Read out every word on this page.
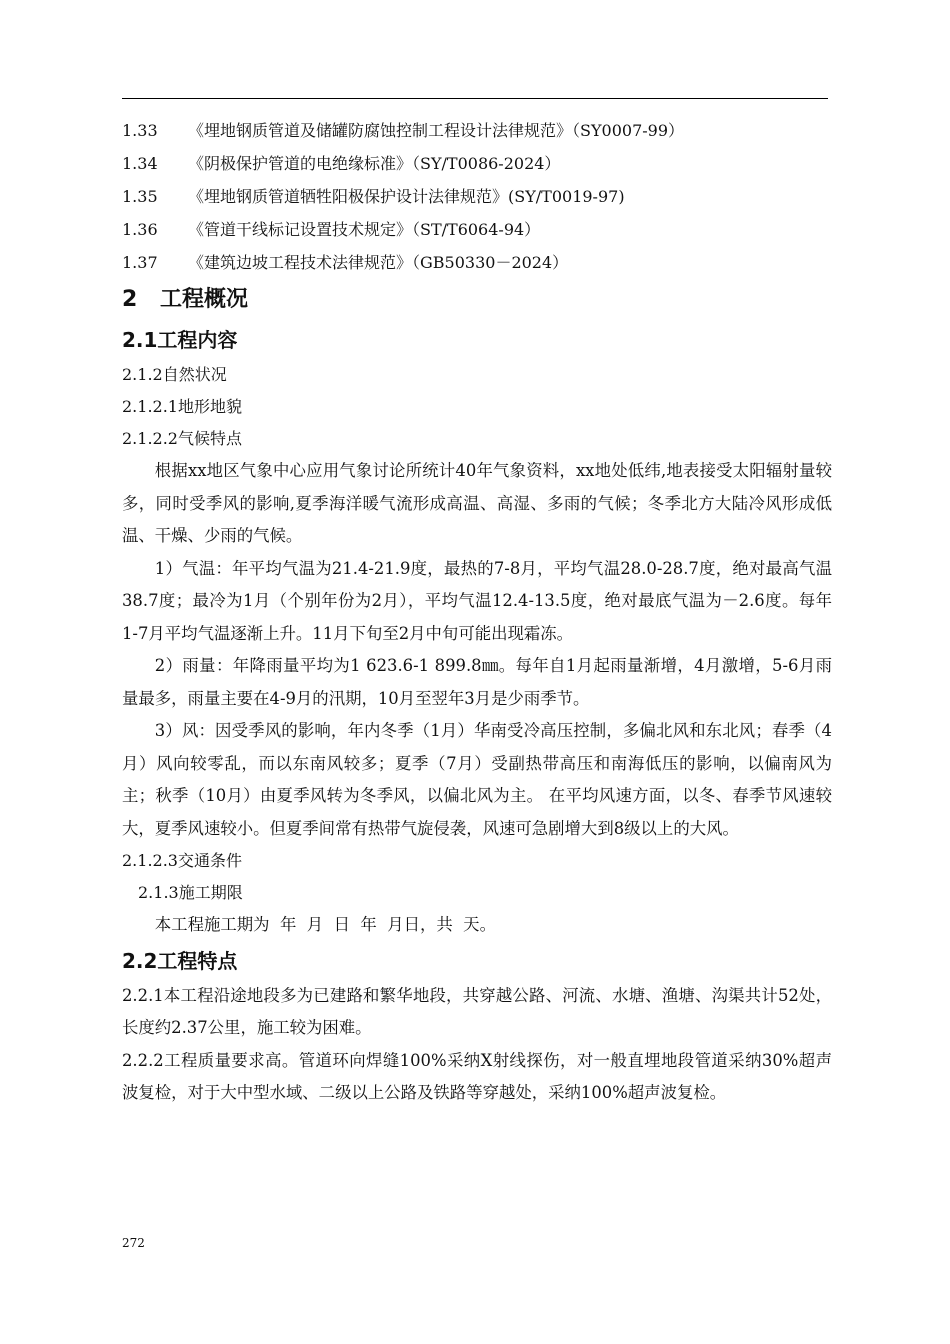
1.33 《埋地钢质管道及储罐防腐蚀控制工程设计法律规范》（SY0007-99）
1.34 《阴极保护管道的电绝缘标准》（SY/T0086-2024）
1.35 《埋地钢质管道牺牲阳极保护设计法律规范》(SY/T0019-97)
1.36 《管道干线标记设置技术规定》（ST/T6064-94）
1.37 《建筑边坡工程技术法律规范》（GB50330－2024）
2 工程概况
2.1工程内容
2.1.2自然状况
2.1.2.1地形地貌
2.1.2.2气候特点
根据xx地区气象中心应用气象讨论所统计40年气象资料，xx地处低纬,地表接受太阳辐射量较多，同时受季风的影响,夏季海洋暖气流形成高温、高湿、多雨的气候；冬季北方大陆冷风形成低温、干燥、少雨的气候。
1）气温：年平均气温为21.4-21.9度，最热的7-8月，平均气温28.0-28.7度，绝对最高气温38.7度；最冷为1月（个别年份为2月），平均气温12.4-13.5度，绝对最底气温为－2.6度。每年1-7月平均气温逐渐上升。11月下旬至2月中旬可能出现霜冻。
2）雨量：年降雨量平均为1 623.6-1 899.8㎜。每年自1月起雨量渐增，4月激增，5-6月雨量最多，雨量主要在4-9月的汛期，10月至翌年3月是少雨季节。
3）风：因受季风的影响，年内冬季（1月）华南受冷高压控制，多偏北风和东北风；春季（4月）风向较零乱，而以东南风较多；夏季（7月）受副热带高压和南海低压的影响，以偏南风为主；秋季（10月）由夏季风转为冬季风，以偏北风为主。 在平均风速方面，以冬、春季节风速较大，夏季风速较小。但夏季间常有热带气旋侵袭，风速可急剧增大到8级以上的大风。
2.1.2.3交通条件
2.1.3施工期限
本工程施工期为  年  月  日  年  月日，共  天。
2.2工程特点
2.2.1本工程沿途地段多为已建路和繁华地段，共穿越公路、河流、水塘、渔塘、沟渠共计52处，长度约2.37公里，施工较为困难。
2.2.2工程质量要求高。管道环向焊缝100%采纳X射线探伤，对一般直埋地段管道采纳30%超声波复检，对于大中型水域、二级以上公路及铁路等穿越处，采纳100%超声波复检。
272
